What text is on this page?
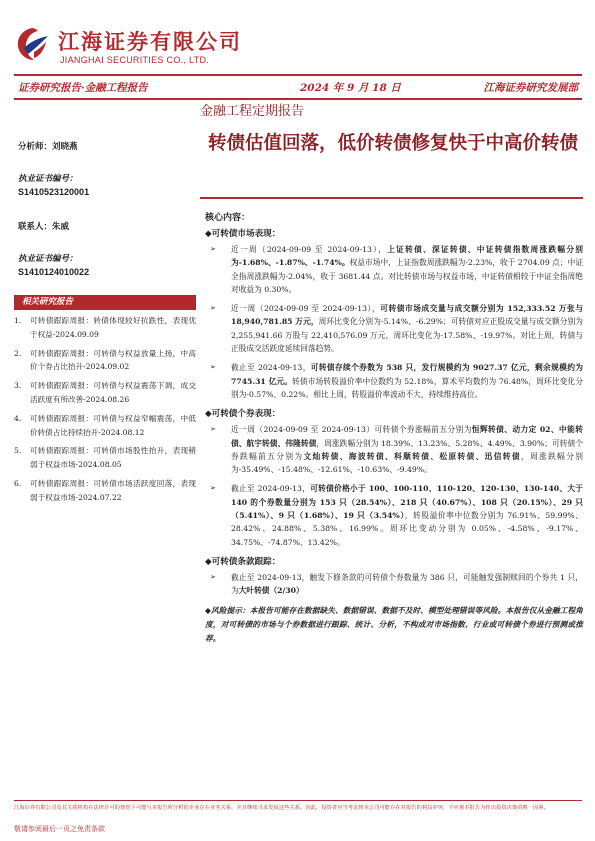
江海证券有限公司
JIANGHAI SECURITIES CO., LTD.
证券研究报告·金融工程报告	2024 年 9 月 18 日	江海证券研究发展部
金融工程定期报告
转债估值回落，低价转债修复快于中高价转债
分析师：刘晓燕
执业证书编号：
S1410523120001
联系人：朱威
执业证书编号：
S1410124010022
相关研究报告
1. 可转债跟踪周报：转债体现较好抗跌性，表现优于权益-2024.09.09
2. 可转债跟踪周报：可转债与权益放量上扬，中高价个券占比抬升-2024.09.02
3. 可转债跟踪周报：可转债与权益震荡下调，成交活跃度有所改善-2024.08.26
4. 可转债跟踪周报：可转债与权益窄幅震荡，中低价转债占比持续抬升-2024.08.12
5. 可转债跟踪周报：可转债市场股性抬升，表现稍弱于权益市场-2024.08.05
6. 可转债跟踪周报：可转债市场活跃度回落，表现弱于权益市场-2024.07.22
核心内容：
◆可转债市场表现：
➢ 近一周（2024-09-09 至 2024-09-13），上证转债、深证转债、中证转债指数周涨跌幅分别为-1.68%、-1.87%、-1.74%。权益市场中，上证指数周涨跌幅为-2.23%，收于 2704.09 点；中证全指周涨跌幅为-2.04%，收于 3681.44 点。对比转债市场与权益市场，中证转债相较于中证全指周绝对收益为 0.30%。
➢ 近一周（2024-09-09 至 2024-09-13），可转债市场成交量与成交额分别为 152,333.52 万张与 18,940,781.85 万元，周环比变化分别为-5.14%、-6.29%；可转债对应正股成交量与成交额分别为 2,255,941.66 万股与 22,410,576.09 万元，周环比变化为-17.58%、-19.97%。对比上周，转债与正股成交活跃度延续回落趋势。
➢ 截止至 2024-09-13，可转债存续个券数为 538 只，发行规模约为 9027.37 亿元，剩余规模约为 7745.31 亿元。转债市场转股溢价率中位数约为 52.18%，算术平均数约为 76.48%，周环比变化分别为-0.57%、0.22%。相比上周，转股溢价率波动不大，持续维持高位。
◆可转债个券表现：
➢ 近一周（2024-09-09 至 2024-09-13）可转债个券涨幅前五分别为恒辉转债、动力定 02、中能转债、航宇转债、伟隆转债，周涨跌幅分别为 18.39%、13.23%、5.28%、4.49%、3.90%；可转债个券跌幅前五分别为文灿转债、海波转债、科顺转债、松原转债、迅信转债，周涨跌幅分别为-35.49%、-15.48%、-12.61%、-10.63%、-9.49%。
➢ 截止至 2024-09-13，可转债价格小于 100、100-110、110-120、120-130、130-140、大于 140 的个券数量分别为 153 只（28.54%）、218 只（40.67%）、108 只（20.15%）、29 只（5.41%）、9 只（1.68%）、19 只（3.54%），转股溢价率中位数分别为 76.91%、59.99%、28.42%、24.88%、5.38%、16.99%。周环比变动分别为 0.05%、-4.58%、-9.17%、34.75%、-74.87%、13.42%。
◆可转债条款跟踪：
➢ 截止至 2024-09-13，触发下修条款的可转债个券数量为 386 只，可能触发强制赎回的个券共 1 只，为大叶转债（2/30）
◆风险提示：本报告可能存在数据缺失、数据错误、数据不及时、模型处理错误等风险。本报告仅从金融工程角度，对可转债的市场与个券数据进行跟踪、统计、分析，不构成对市场指数、行业或可转债个券进行预测或推荐。
江海证券有限公司及其关联机构在法律许可的情况下可能与本报告所分析的企业存在业务关系，并且继续寻求发展这些关系。因此，投资者应当考虑到本公司可能存在对报告的利益冲突，不应视本报告为作出投资决策的唯一因素。
敬请参阅最后一页之免责条款
